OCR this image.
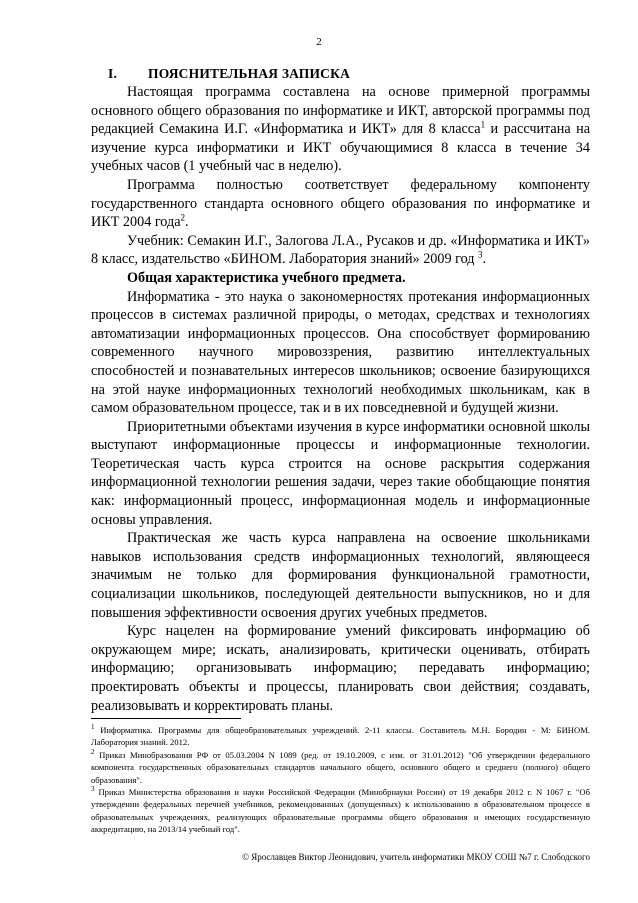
2
I. ПОЯСНИТЕЛЬНАЯ ЗАПИСКА

Настоящая программа составлена на основе примерной программы основного общего образования по информатике и ИКТ, авторской программы под редакцией Семакина И.Г. «Информатика и ИКТ» для 8 класса$^1$ и рассчитана на изучение курса информатики и ИКТ обучающимися 8 класса в течение 34 учебных часов (1 учебный час в неделю).

Программа полностью соответствует федеральному компоненту государственного стандарта основного общего образования по информатике и ИКТ 2004 года$^2$.

Учебник: Семакин И.Г., Залогова Л.А., Русаков и др. «Информатика и ИКТ» 8 класс, издательство «БИНОМ. Лаборатория знаний» 2009 год $^3$.

Общая характеристика учебного предмета.

Информатика - это наука о закономерностях протекания информационных процессов в системах различной природы, о методах, средствах и технологиях автоматизации информационных процессов. Она способствует формированию современного научного мировоззрения, развитию интеллектуальных способностей и познавательных интересов школьников; освоение базирующихся на этой науке информационных технологий необходимых школьникам, как в самом образовательном процессе, так и в их повседневной и будущей жизни.

Приоритетными объектами изучения в курсе информатики основной школы выступают информационные процессы и информационные технологии. Теоретическая часть курса строится на основе раскрытия содержания информационной технологии решения задачи, через такие обобщающие понятия как: информационный процесс, информационная модель и информационные основы управления.

Практическая же часть курса направлена на освоение школьниками навыков использования средств информационных технологий, являющееся значимым не только для формирования функциональной грамотности, социализации школьников, последующей деятельности выпускников, но и для повышения эффективности освоения других учебных предметов.

Курс нацелен на формирование умений фиксировать информацию об окружающем мире; искать, анализировать, критически оценивать, отбирать информацию; организовывать информацию; передавать информацию; проектировать объекты и процессы, планировать свои действия; создавать, реализовывать и корректировать планы.

$^1$ Информатика. Программы для общеобразовательных учреждений. 2-11 классы. Составитель М.Н. Бородин - М: БИНОМ. Лаборатория знаний. 2012.

$^2$ Приказ Минобразования РФ от 05.03.2004 N 1089 (ред. от 19.10.2009, с изм. от 31.01.2012) "Об утверждении федерального компонента государственных образовательных стандартов начального общего, основного общего и среднего (полного) общего образования".

$^3$ Приказ Министерства образования и науки Российской Федерации (Минобрнауки России) от 19 декабря 2012 г. N 1067 г. "Об утверждении федеральных перечней учебников, рекомендованных (допущенных) к использованию в образовательном процессе в образовательных учреждениях, реализующих образовательные программы общего образования и имеющих государственную аккредитацию, на 2013/14 учебный год".

© Ярославцев Виктор Леонидович, учитель информатики МКОУ СОШ №7 г. Слободского
